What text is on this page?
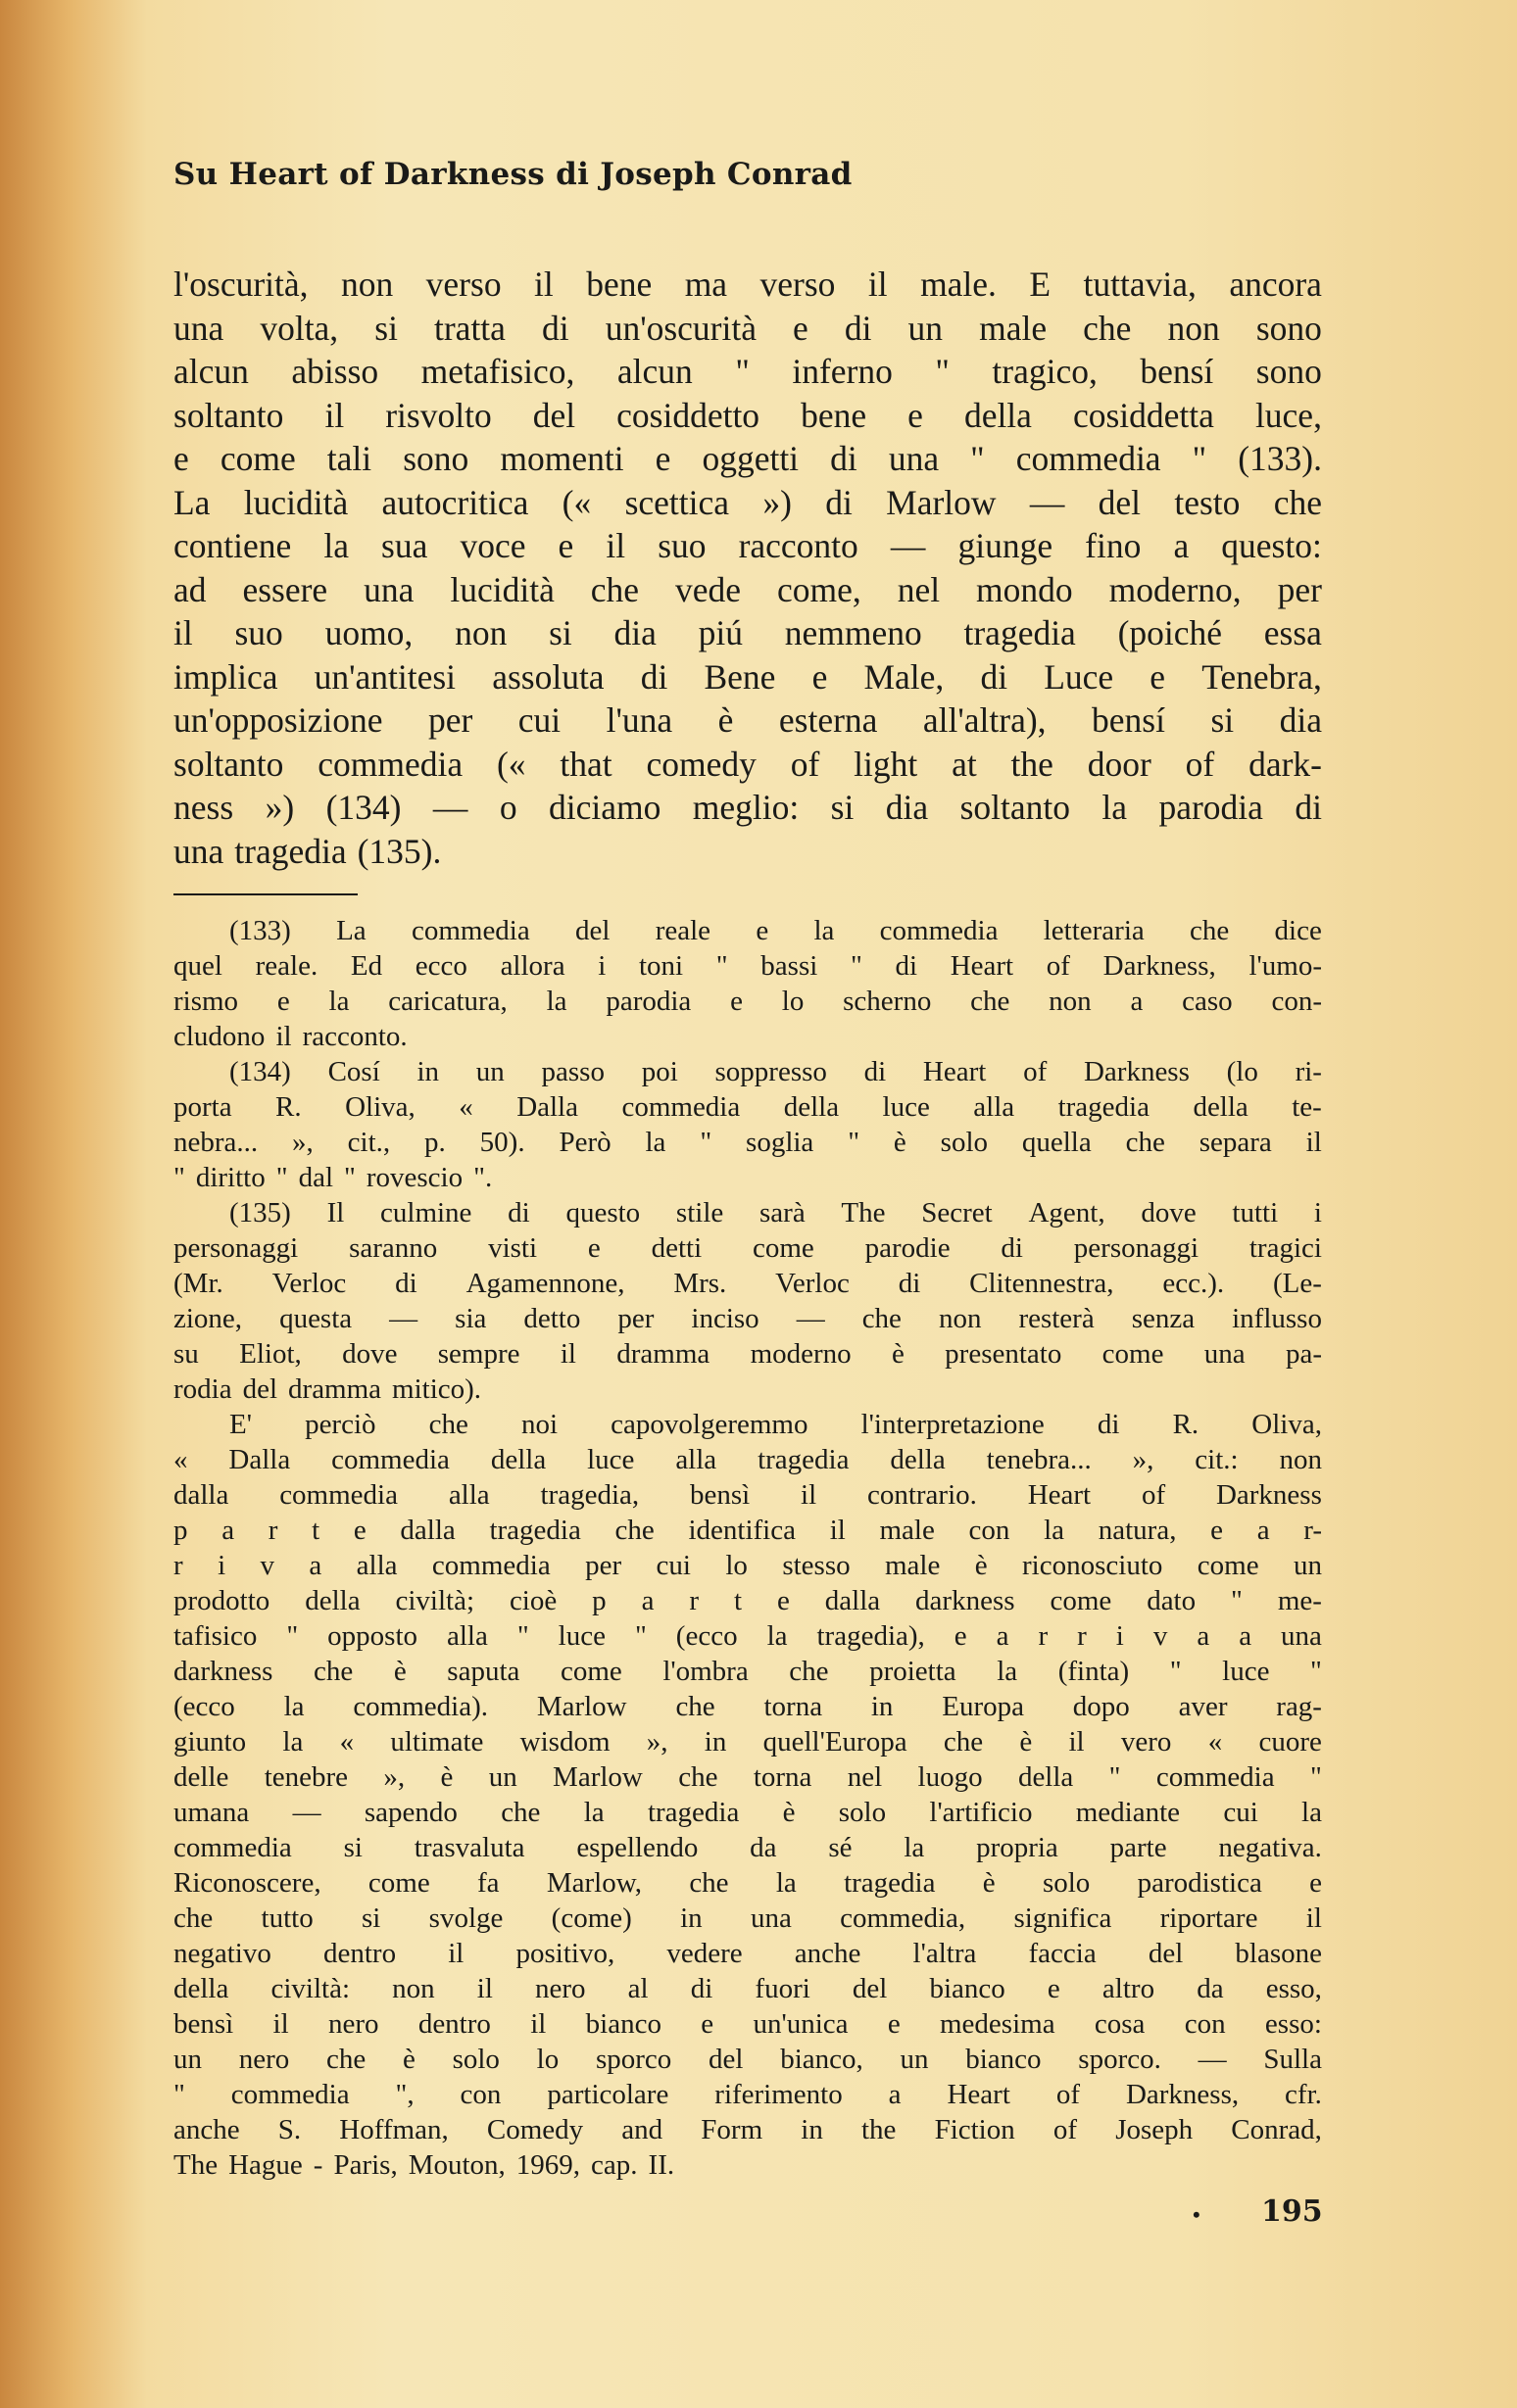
Su Heart of Darkness di Joseph Conrad
l'oscurità, non verso il bene ma verso il male. E tuttavia, ancora
una volta, si tratta di un'oscurità e di un male che non sono
alcun abisso metafisico, alcun " inferno " tragico, bensí sono
soltanto il risvolto del cosiddetto bene e della cosiddetta luce,
e come tali sono momenti e oggetti di una " commedia " (133).
La lucidità autocritica (« scettica ») di Marlow — del testo che
contiene la sua voce e il suo racconto — giunge fino a questo:
ad essere una lucidità che vede come, nel mondo moderno, per
il suo uomo, non si dia piú nemmeno tragedia (poiché essa
implica un'antitesi assoluta di Bene e Male, di Luce e Tenebra,
un'opposizione per cui l'una è esterna all'altra), bensí si dia
soltanto commedia (« that comedy of light at the door of dark-
ness ») (134) — o diciamo meglio: si dia soltanto la parodia di
una tragedia (135).
(133) La commedia del reale e la commedia letteraria che dice
quel reale. Ed ecco allora i toni " bassi " di Heart of Darkness, l'umo-
rismo e la caricatura, la parodia e lo scherno che non a caso con-
cludono il racconto.
(134) Cosí in un passo poi soppresso di Heart of Darkness (lo ri-
porta R. Oliva, « Dalla commedia della luce alla tragedia della te-
nebra... », cit., p. 50). Però la " soglia " è solo quella che separa il
" diritto " dal " rovescio ".
(135) Il culmine di questo stile sarà The Secret Agent, dove tutti i
personaggi saranno visti e detti come parodie di personaggi tragici
(Mr. Verloc di Agamennone, Mrs. Verloc di Clitennestra, ecc.). (Le-
zione, questa — sia detto per inciso — che non resterà senza influsso
su Eliot, dove sempre il dramma moderno è presentato come una pa-
rodia del dramma mitico).
E' perciò che noi capovolgeremmo l'interpretazione di R. Oliva,
« Dalla commedia della luce alla tragedia della tenebra... », cit.: non
dalla commedia alla tragedia, bensì il contrario. Heart of Darkness
p a r t e dalla tragedia che identifica il male con la natura, e a r-
r i v a alla commedia per cui lo stesso male è riconosciuto come un
prodotto della civiltà; cioè p a r t e dalla darkness come dato " me-
tafisico " opposto alla " luce " (ecco la tragedia), e a r r i v a a una
darkness che è saputa come l'ombra che proietta la (finta) " luce "
(ecco la commedia). Marlow che torna in Europa dopo aver rag-
giunto la « ultimate wisdom », in quell'Europa che è il vero « cuore
delle tenebre », è un Marlow che torna nel luogo della " commedia "
umana — sapendo che la tragedia è solo l'artificio mediante cui la
commedia si trasvaluta espellendo da sé la propria parte negativa.
Riconoscere, come fa Marlow, che la tragedia è solo parodistica e
che tutto si svolge (come) in una commedia, significa riportare il
negativo dentro il positivo, vedere anche l'altra faccia del blasone
della civiltà: non il nero al di fuori del bianco e altro da esso,
bensì il nero dentro il bianco e un'unica e medesima cosa con esso:
un nero che è solo lo sporco del bianco, un bianco sporco. — Sulla
" commedia ", con particolare riferimento a Heart of Darkness, cfr.
anche S. Hoffman, Comedy and Form in the Fiction of Joseph Conrad,
The Hague - Paris, Mouton, 1969, cap. II.
• 195
